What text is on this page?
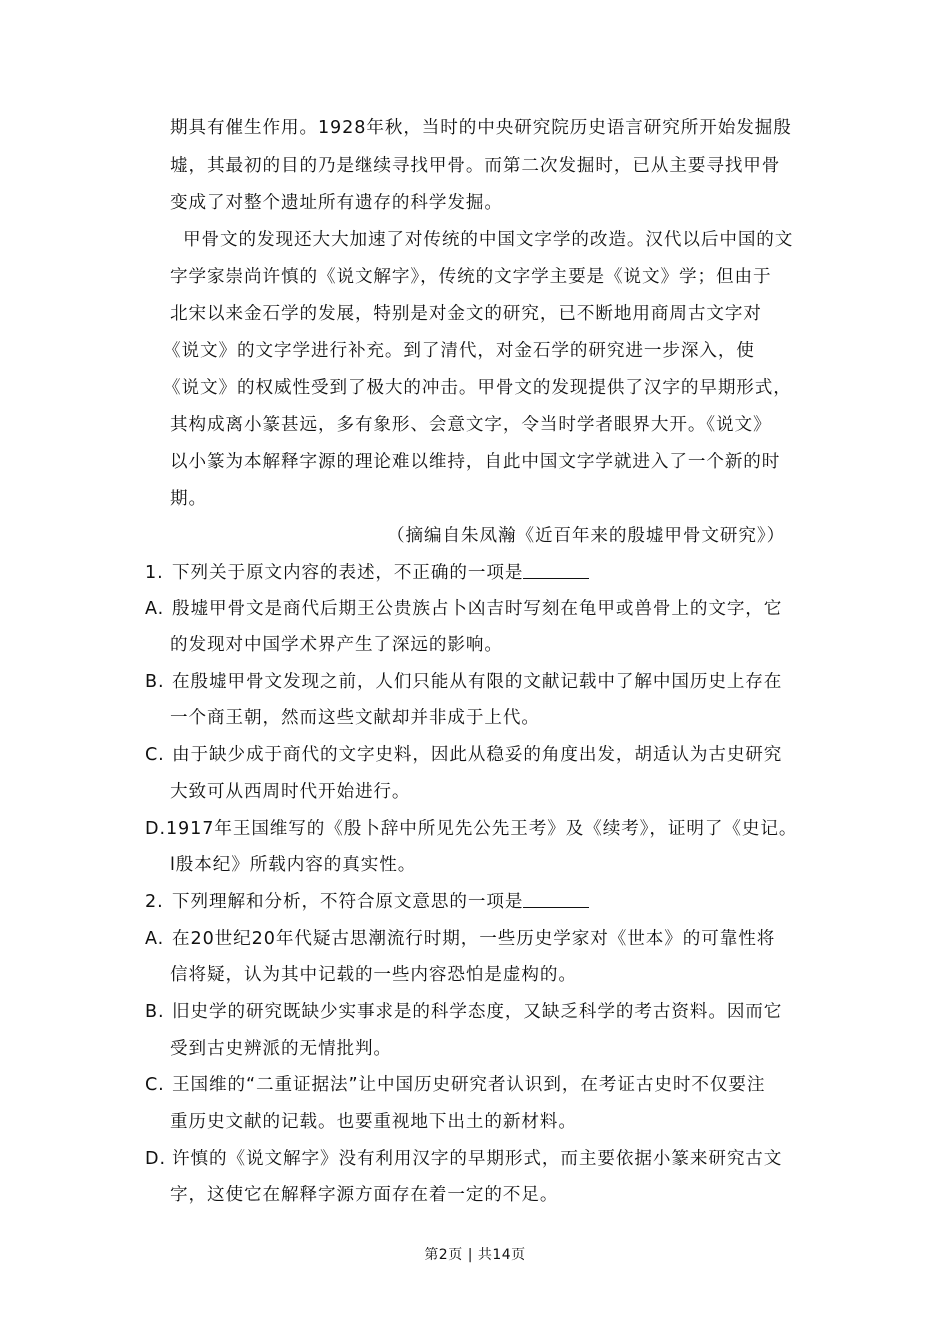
期具有催生作用。1928年秋，当时的中央研究院历史语言研究所开始发掘殷
墟，其最初的目的乃是继续寻找甲骨。而第二次发掘时，已从主要寻找甲骨
变成了对整个遗址所有遗存的科学发掘。
甲骨文的发现还大大加速了对传统的中国文字学的改造。汉代以后中国的文
字学家崇尚许慎的《说文解字》，传统的文字学主要是《说文》学；但由于
北宋以来金石学的发展，特别是对金文的研究，已不断地用商周古文字对
《说文》的文字学进行补充。到了清代，对金石学的研究进一步深入，使
《说文》的权威性受到了极大的冲击。甲骨文的发现提供了汉字的早期形式，
其构成离小篆甚远，多有象形、会意文字，令当时学者眼界大开。《说文》
以小篆为本解释字源的理论难以维持，自此中国文字学就进入了一个新的时
期。
（摘编自朱凤瀚《近百年来的殷墟甲骨文研究》）
1. 下列关于原文内容的表述，不正确的一项是
A. 殷墟甲骨文是商代后期王公贵族占卜凶吉时写刻在龟甲或兽骨上的文字，它
的发现对中国学术界产生了深远的影响。
B. 在殷墟甲骨文发现之前，人们只能从有限的文献记载中了解中国历史上存在
一个商王朝，然而这些文献却并非成于上代。
C. 由于缺少成于商代的文字史料，因此从稳妥的角度出发，胡适认为古史研究
大致可从西周时代开始进行。
D.1917年王国维写的《殷卜辞中所见先公先王考》及《续考》，证明了《史记。
l殷本纪》所载内容的真实性。
2. 下列理解和分析，不符合原文意思的一项是
A. 在20世纪20年代疑古思潮流行时期，一些历史学家对《世本》的可靠性将
信将疑，认为其中记载的一些内容恐怕是虚构的。
B. 旧史学的研究既缺少实事求是的科学态度，又缺乏科学的考古资料。因而它
受到古史辨派的无情批判。
C. 王国维的“二重证据法”让中国历史研究者认识到，在考证古史时不仅要注
重历史文献的记载。也要重视地下出土的新材料。
D. 许慎的《说文解字》没有利用汉字的早期形式，而主要依据小篆来研究古文
字，这使它在解释字源方面存在着一定的不足。
第2页 | 共14页
